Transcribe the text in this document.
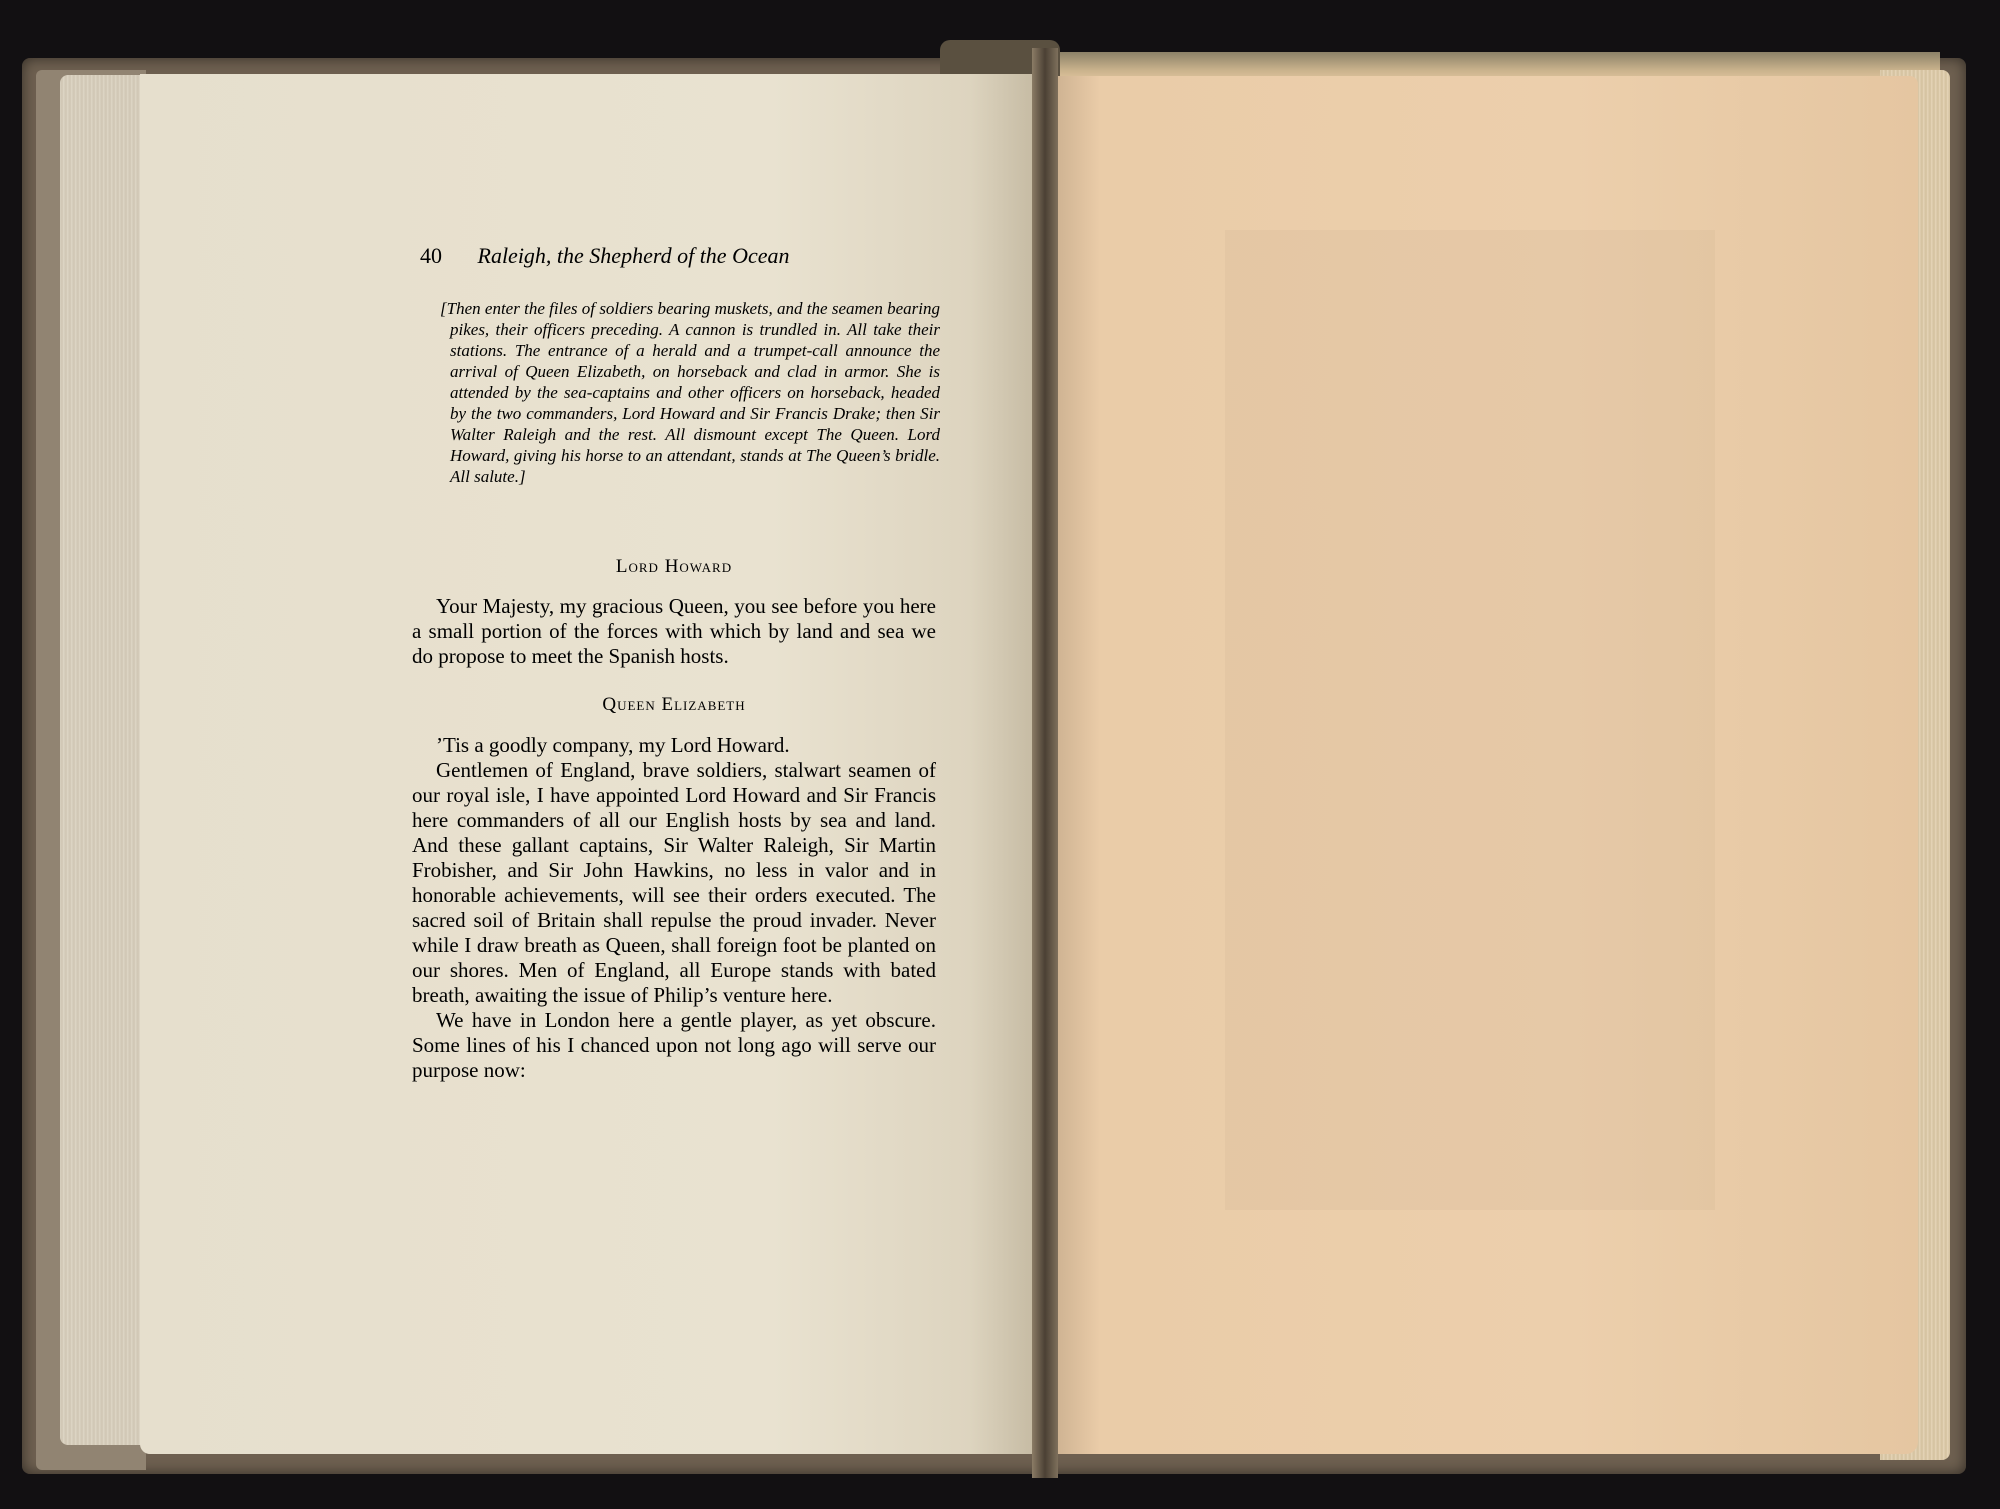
40 Raleigh, the Shepherd of the Ocean

[Then enter the files of soldiers bearing muskets, and the seamen bearing pikes, their officers preceding. A cannon is trundled in. All take their stations. The entrance of a herald and a trumpet-call announce the arrival of Queen Elizabeth, on horseback and clad in armor. She is attended by the sea-captains and other officers on horseback, headed by the two commanders, Lord Howard and Sir Francis Drake; then Sir Walter Raleigh and the rest. All dismount except The Queen. Lord Howard, giving his horse to an attendant, stands at The Queen’s bridle. All salute.]

Lord Howard

Your Majesty, my gracious Queen, you see before you here a small portion of the forces with which by land and sea we do propose to meet the Spanish hosts.

Queen Elizabeth

’Tis a goodly company, my Lord Howard.

Gentlemen of England, brave soldiers, stalwart seamen of our royal isle, I have appointed Lord Howard and Sir Francis here commanders of all our English hosts by sea and land. And these gallant captains, Sir Walter Raleigh, Sir Martin Frobisher, and Sir John Hawkins, no less in valor and in honorable achievements, will see their orders executed. The sacred soil of Britain shall repulse the proud invader. Never while I draw breath as Queen, shall foreign foot be planted on our shores. Men of England, all Europe stands with bated breath, awaiting the issue of Philip’s venture here.

We have in London here a gentle player, as yet obscure. Some lines of his I chanced upon not long ago will serve our purpose now:
